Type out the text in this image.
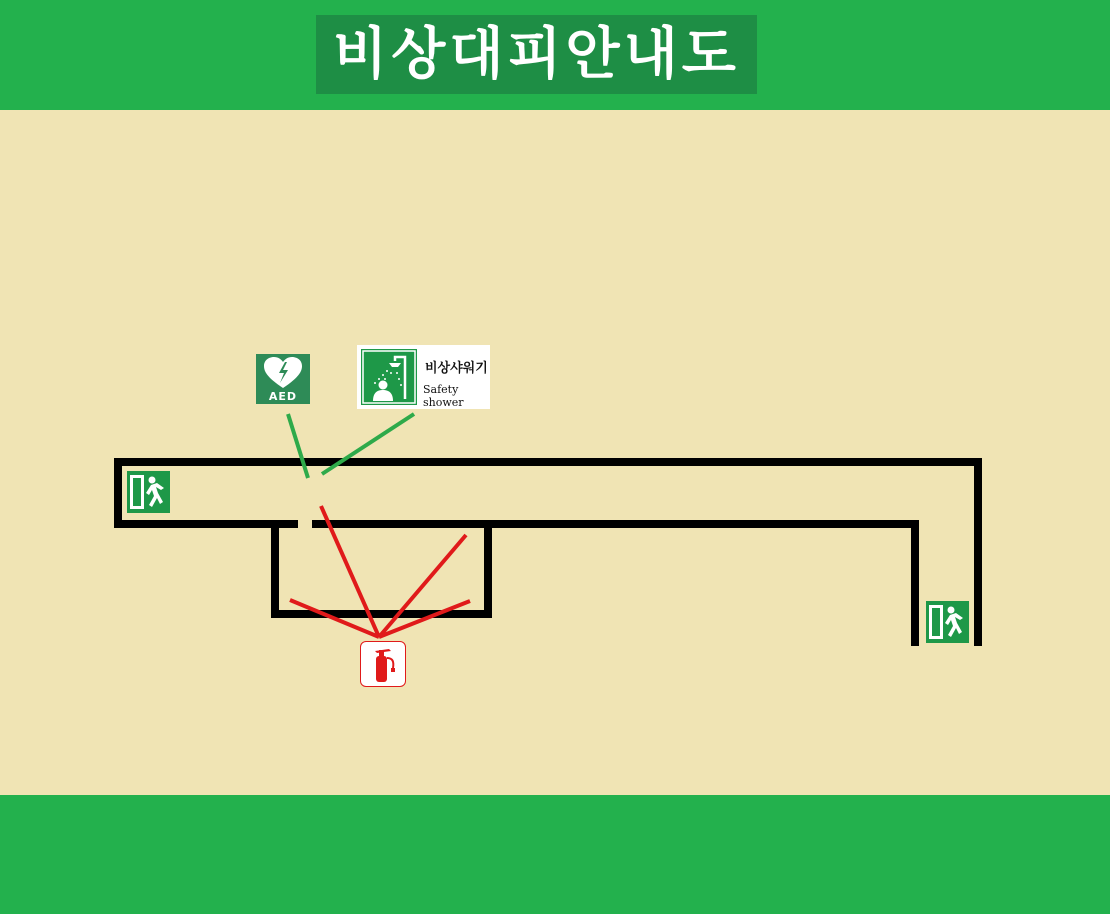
비상대피안내도
AED
비상샤워기
Safety shower
